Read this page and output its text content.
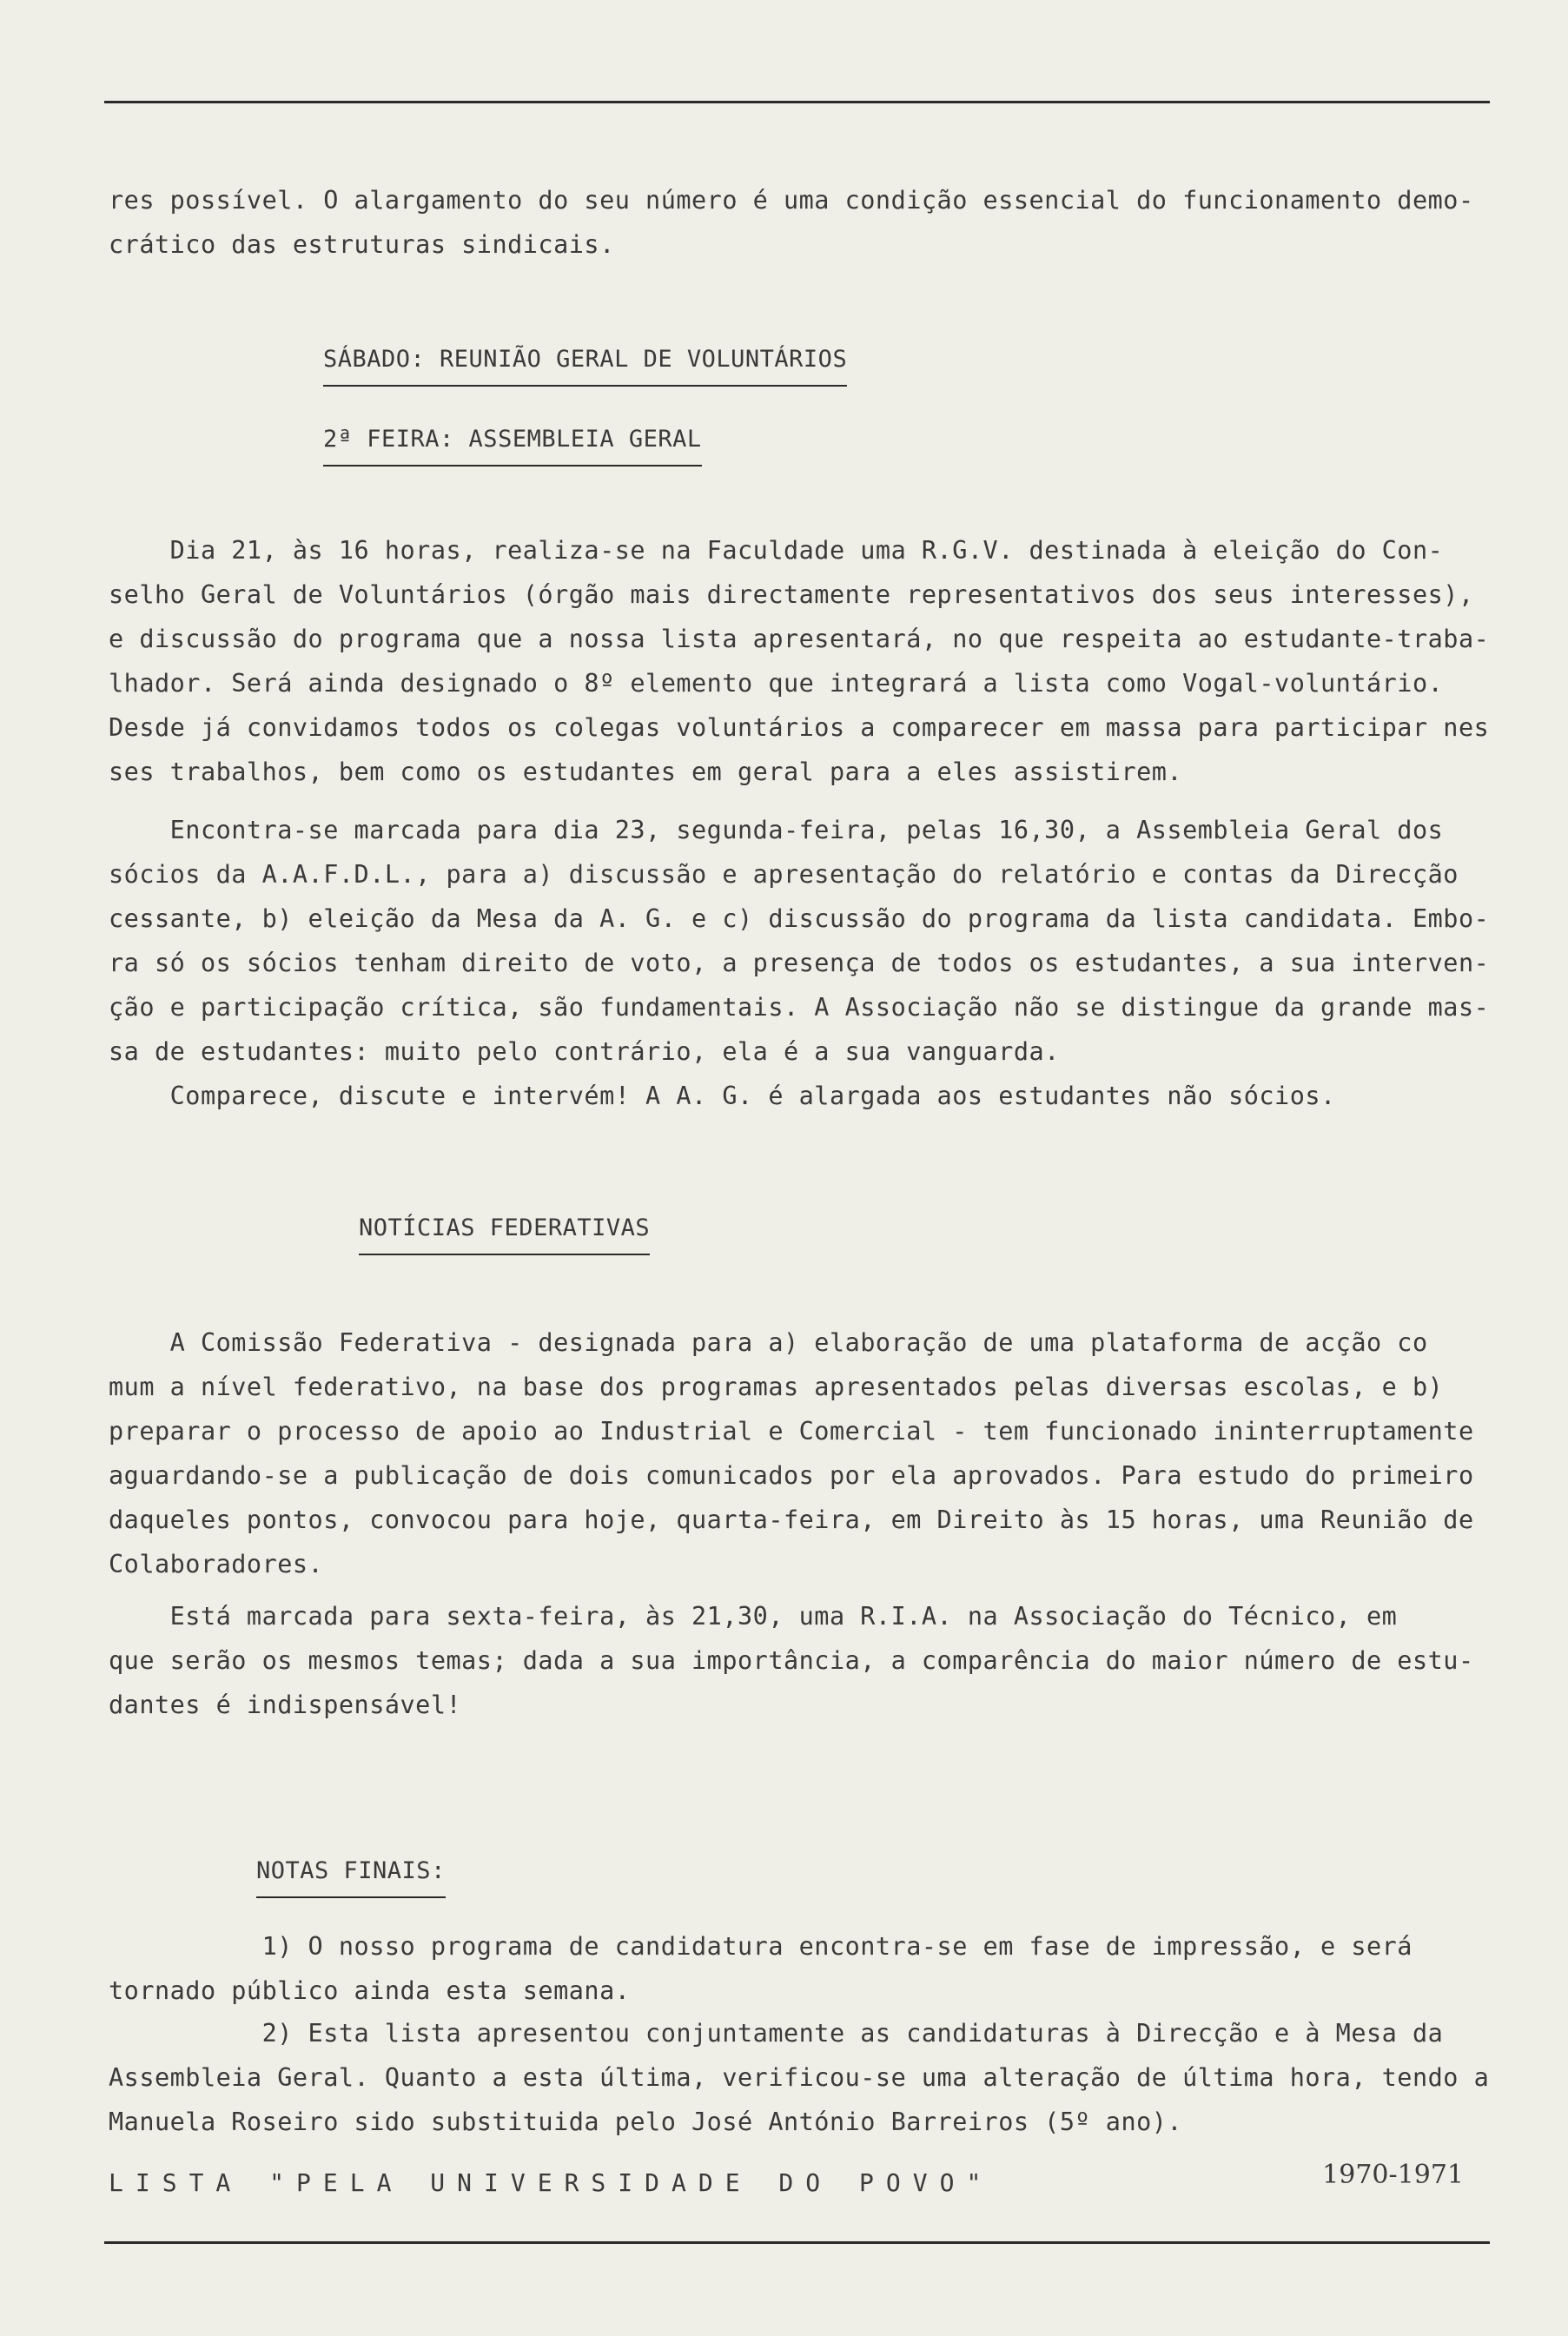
res possível. O alargamento do seu número é uma condição essencial do funcionamento demo-
crático das estruturas sindicais.
SÁBADO: REUNIÃO GERAL DE VOLUNTÁRIOS
2ª FEIRA: ASSEMBLEIA GERAL
Dia 21, às 16 horas, realiza-se na Faculdade uma R.G.V. destinada à eleição do Con-
selho Geral de Voluntários (órgão mais directamente representativos dos seus interesses),
e discussão do programa que a nossa lista apresentará, no que respeita ao estudante-traba-
lhador. Será ainda designado o 8º elemento que integrará a lista como Vogal-voluntário.
Desde já convidamos todos os colegas voluntários a comparecer em massa para participar nes
ses trabalhos, bem como os estudantes em geral para a eles assistirem.
Encontra-se marcada para dia 23, segunda-feira, pelas 16,30, a Assembleia Geral dos
sócios da A.A.F.D.L., para a) discussão e apresentação do relatório e contas da Direcção
cessante, b) eleição da Mesa da A. G. e c) discussão do programa da lista candidata. Embo-
ra só os sócios tenham direito de voto, a presença de todos os estudantes, a sua interven-
ção e participação crítica, são fundamentais. A Associação não se distingue da grande mas-
sa de estudantes: muito pelo contrário, ela é a sua vanguarda.
Comparece, discute e intervém! A A. G. é alargada aos estudantes não sócios.
NOTÍCIAS FEDERATIVAS
A Comissão Federativa - designada para a) elaboração de uma plataforma de acção co
mum a nível federativo, na base dos programas apresentados pelas diversas escolas, e b)
preparar o processo de apoio ao Industrial e Comercial - tem funcionado ininterruptamente
aguardando-se a publicação de dois comunicados por ela aprovados. Para estudo do primeiro
daqueles pontos, convocou para hoje, quarta-feira, em Direito às 15 horas, uma Reunião de
Colaboradores.
Está marcada para sexta-feira, às 21,30, uma R.I.A. na Associação do Técnico, em
que serão os mesmos temas; dada a sua importância, a comparência do maior número de estu-
dantes é indispensável!
NOTAS FINAIS:
1) O nosso programa de candidatura encontra-se em fase de impressão, e será
tornado público ainda esta semana.
2) Esta lista apresentou conjuntamente as candidaturas à Direcção e à Mesa da
Assembleia Geral. Quanto a esta última, verificou-se uma alteração de última hora, tendo a
Manuela Roseiro sido substituida pelo José António Barreiros (5º ano).
LISTA "PELA UNIVERSIDADE DO POVO"	1970-1971
